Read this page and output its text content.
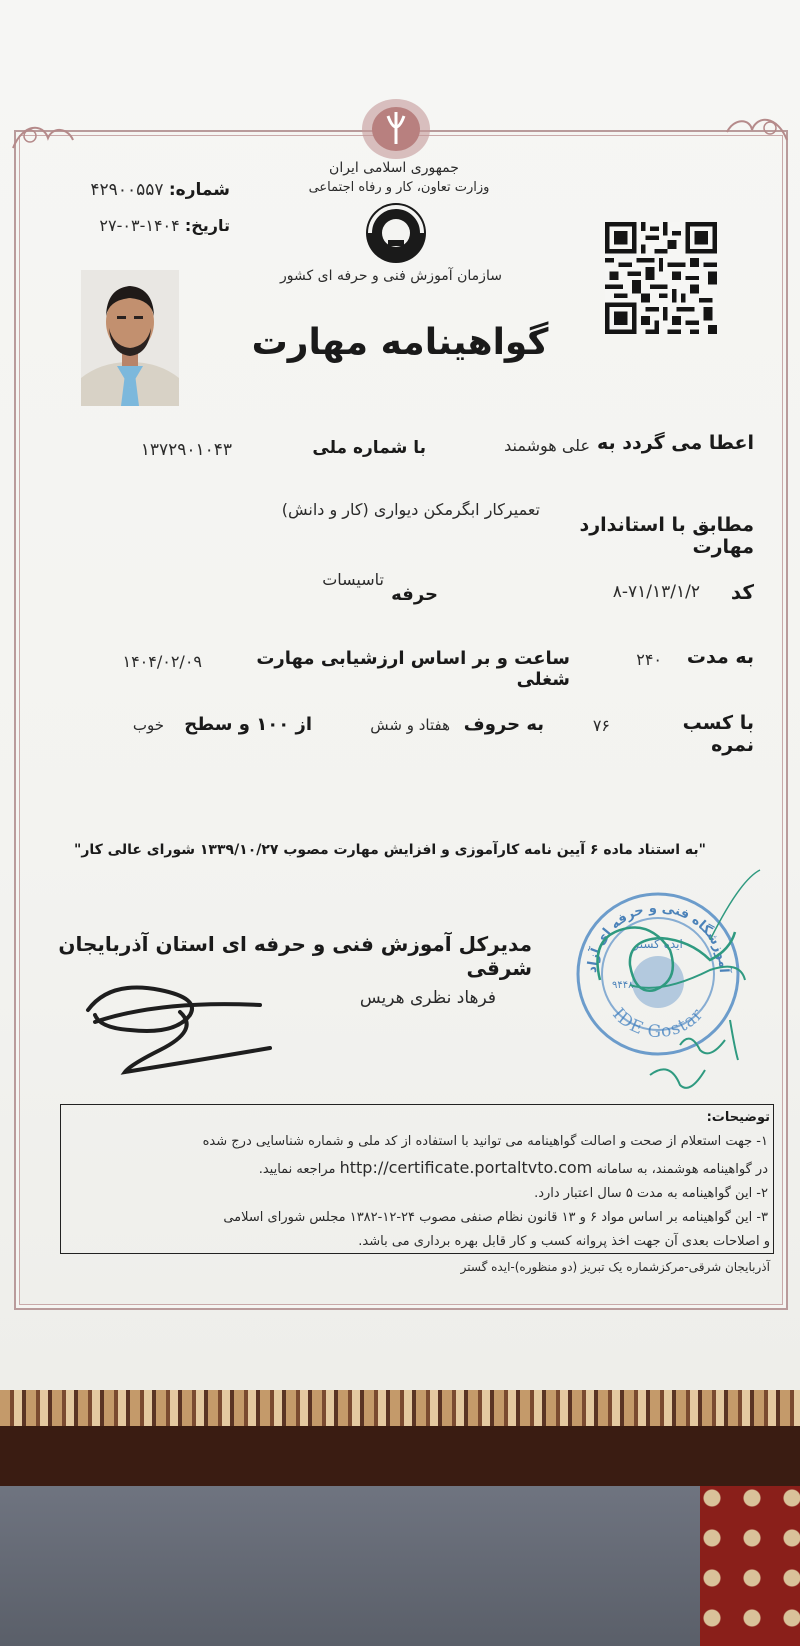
جمهوری اسلامی ایران
وزارت تعاون، کار و رفاه اجتماعی
سازمان آموزش فنی و حرفه ای کشور
شماره: ۴۲۹۰۰۵۵۷
تاریخ: ۱۴۰۴-۰۳-۲۷
گواهینامه مهارت
اعطا می گردد به
علی هوشمند
با شماره ملی
۱۳۷۲۹۰۱۰۴۳
مطابق با استاندارد مهارت
تعمیرکار ابگرمکن دیواری (کار و دانش)
کد
۸-۷۱/۱۳/۱/۲
حرفه
تاسیسات
به مدت
۲۴۰
ساعت و بر اساس ارزشیابی مهارت شغلی
۱۴۰۴/۰۲/۰۹
با کسب نمره
۷۶
به حروف
هفتاد و شش
از ۱۰۰ و سطح
خوب
"به استناد ماده ۶ آیین نامه کارآموزی و افزایش مهارت مصوب ۱۳۳۹/۱۰/۲۷ شورای عالی کار"
آموزشگاه فنی و حرفه ای آزاد
ایده گستر
۹۴۴۸
IDE Gostar
مدیرکل آموزش فنی و حرفه ای استان آذربایجان شرقی
فرهاد نظری هریس
توضیحات:
۱- جهت استعلام از صحت و اصالت گواهینامه می توانید با استفاده از کد ملی و شماره شناسایی درج شده
در گواهینامه هوشمند، به سامانه http://certificate.portaltvto.com مراجعه نمایید.
۲- این گواهینامه به مدت ۵ سال اعتبار دارد.
۳- این گواهینامه بر اساس مواد ۶ و ۱۳ قانون نظام صنفی مصوب ۲۴-۱۲-۱۳۸۲ مجلس شورای اسلامی
و اصلاحات بعدی آن جهت اخذ پروانه کسب و کار قابل بهره برداری می باشد.
آذربایجان شرقی-مرکزشماره یک تبریز (دو منظوره)-ایده گستر
